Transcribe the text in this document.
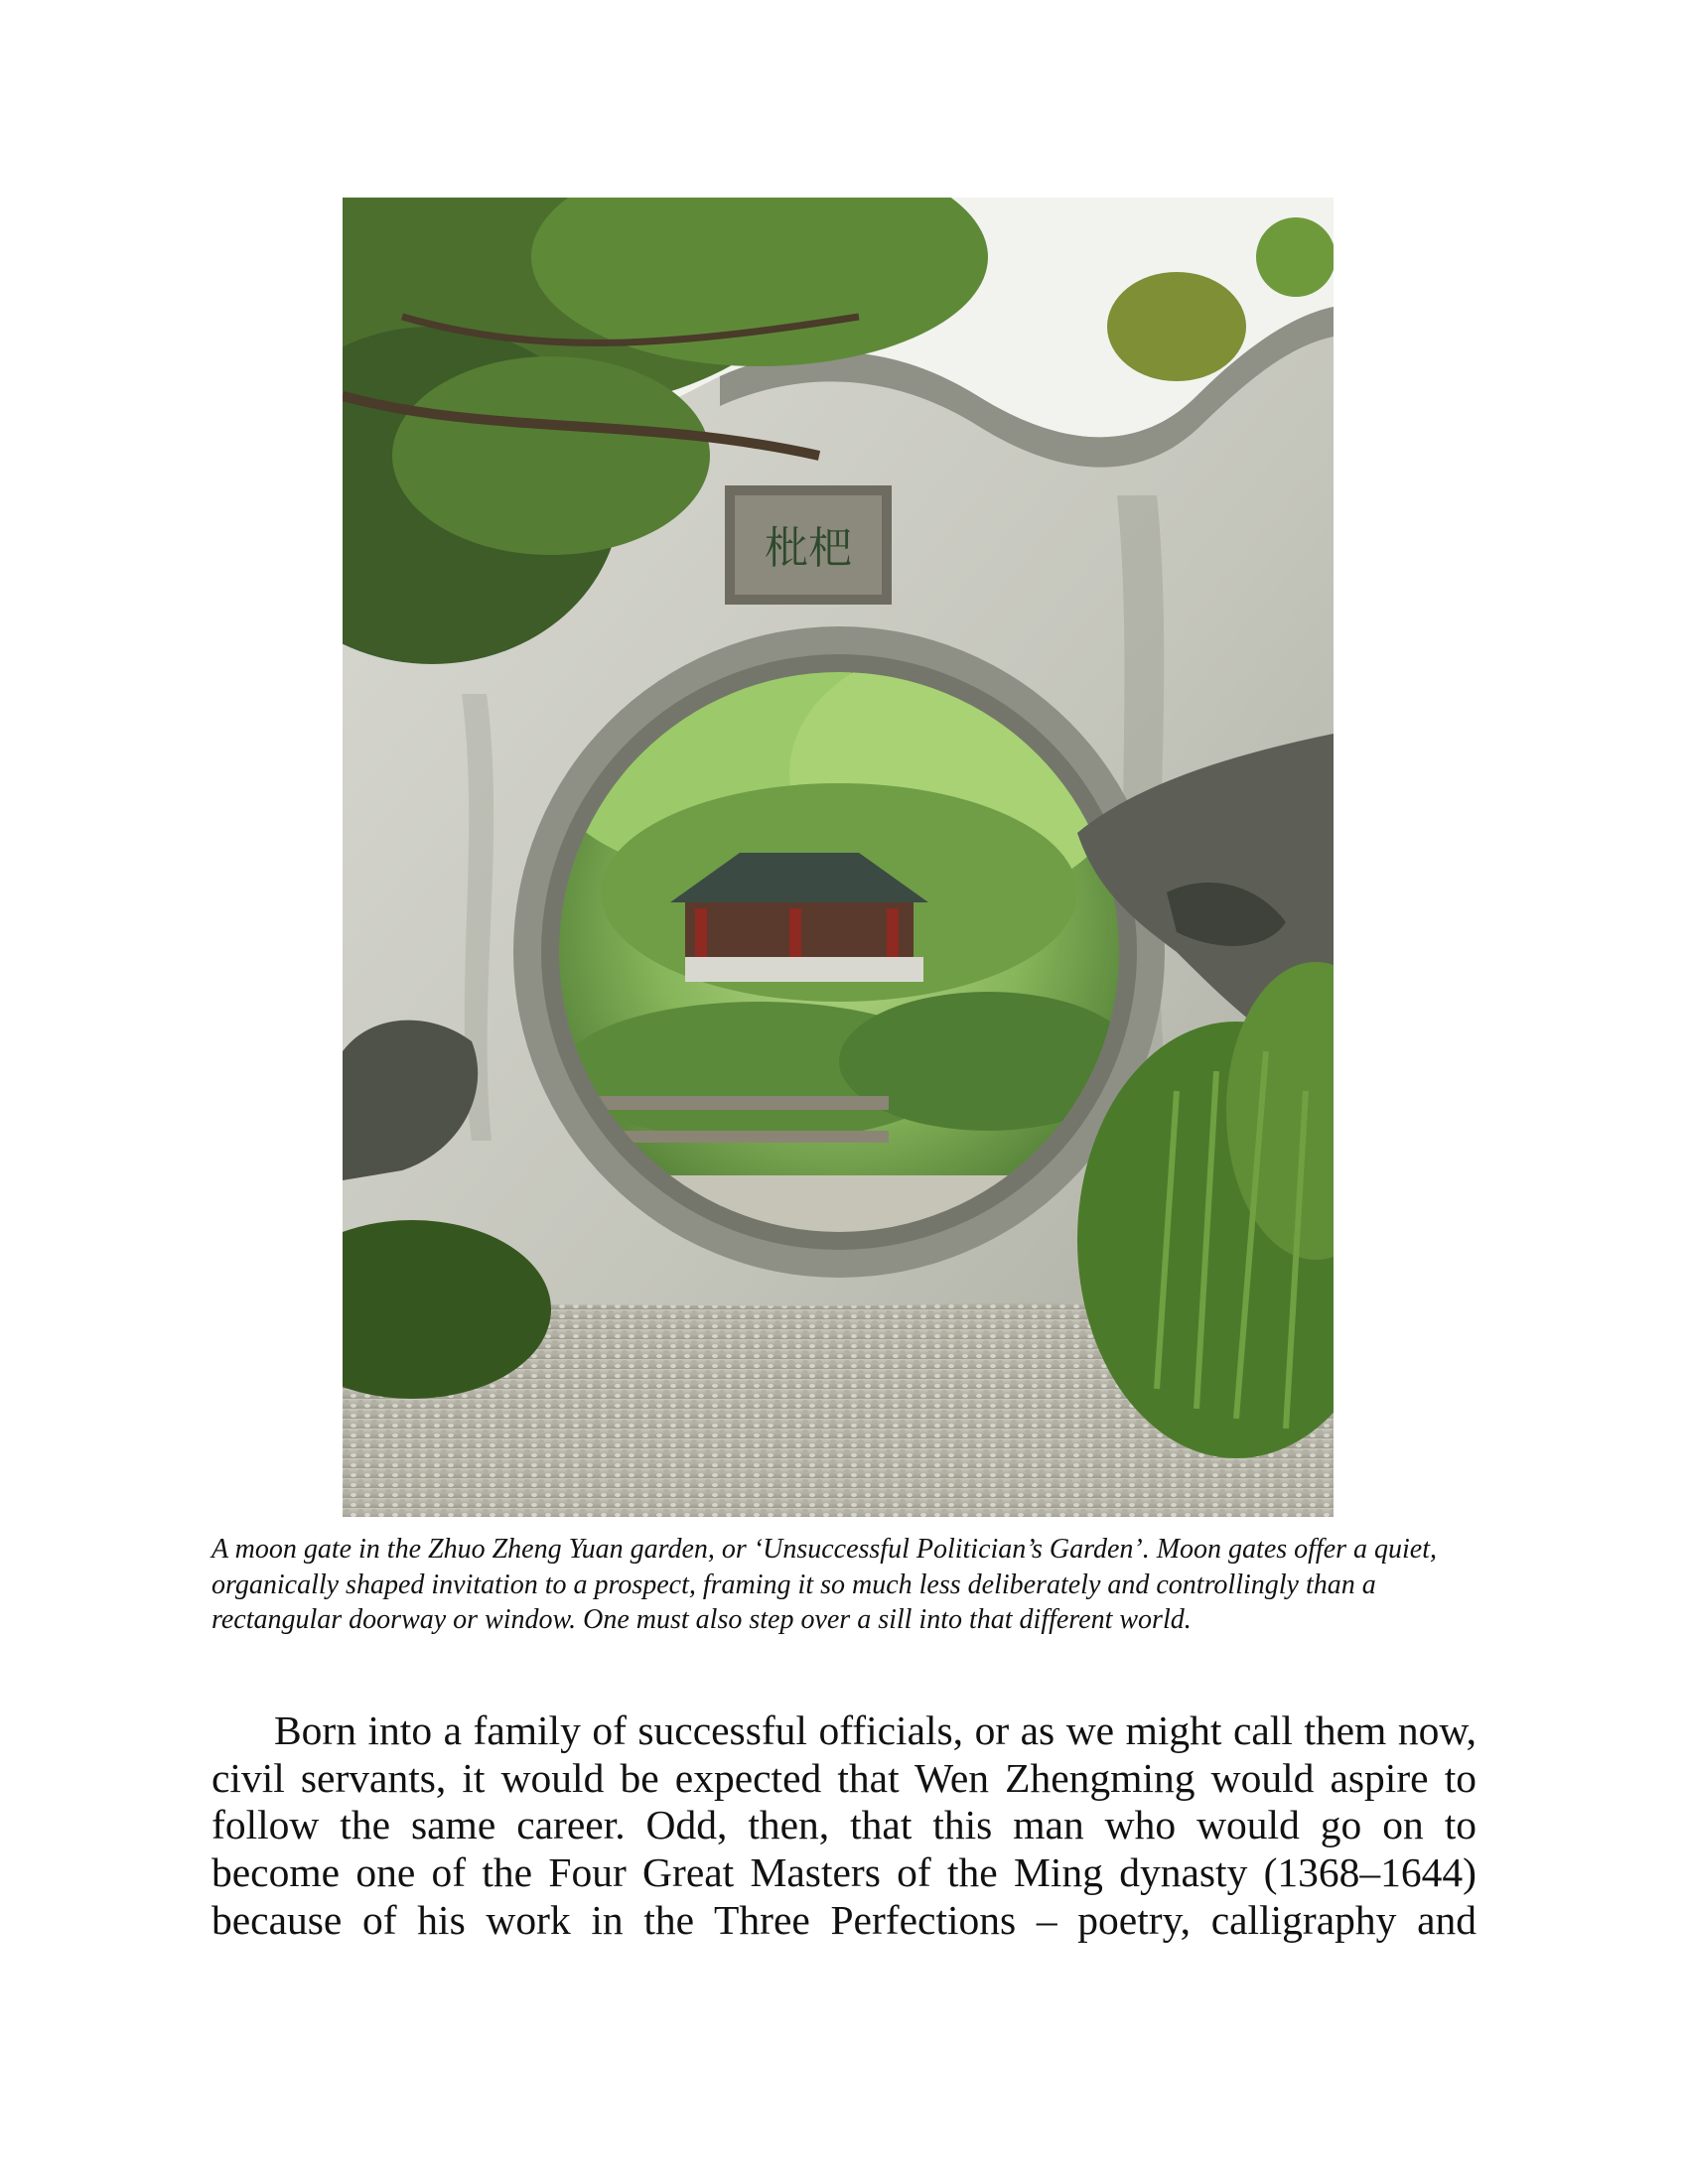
枇杷

A moon gate in the Zhuo Zheng Yuan garden, or ‘Unsuccessful Politician’s Garden’. Moon gates offer a quiet, organically shaped invitation to a prospect, framing it so much less deliberately and controllingly than a rectangular doorway or window. One must also step over a sill into that different world.

Born into a family of successful officials, or as we might call them now, civil servants, it would be expected that Wen Zhengming would aspire to follow the same career. Odd, then, that this man who would go on to become one of the Four Great Masters of the Ming dynasty (1368–1644) because of his work in the Three Perfections – poetry, calligraphy and
